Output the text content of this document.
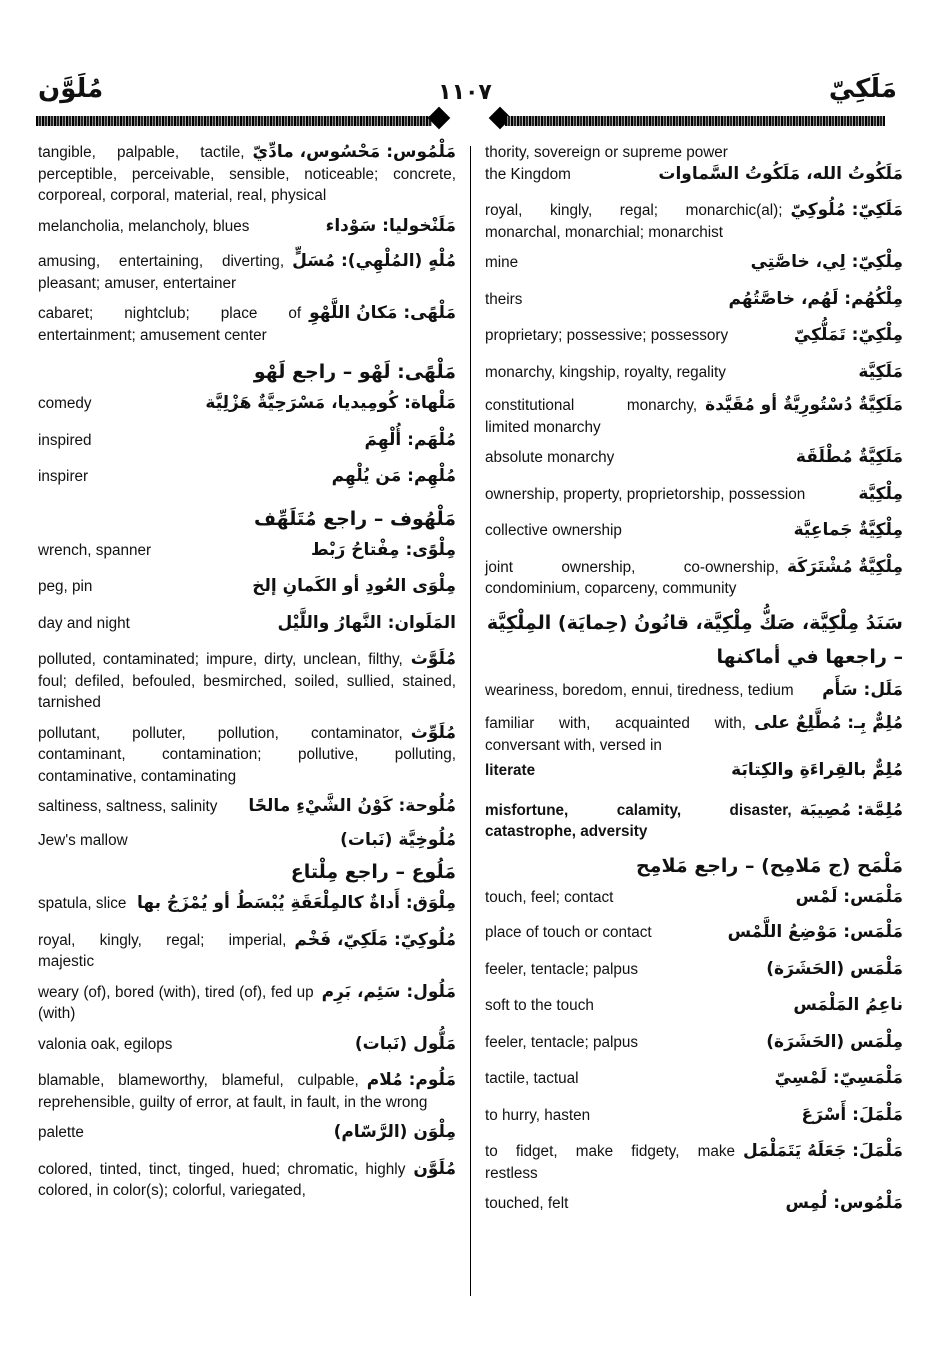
مُلَوَّن	١١٠٧	مَلَكِيّ
مَلْمُوس: مَحْسُوس، مادِّيّ
tangible, palpable, tactile, perceptible, perceivable, sensible, noticeable; concrete, corporeal, corporal, material, real, physical
مَلَنْخوليا: سَوْداء
melancholia, melancholy, blues
مُلْهٍ (المُلْهِي): مُسَلٍّ
amusing, entertaining, diverting, pleasant; amuser, entertainer
مَلْهًى: مَكانُ اللَّهْوِ
cabaret; nightclub; place of entertainment; amusement center
مَلْهًى: لَهْو – راجع لَهْو
مَلْهاة: كُومِيديا، مَسْرَحِيَّةٌ هَزْلِيَّة
comedy
مُلْهَم: أُلْهِمَ
inspired
مُلْهِم: مَن يُلْهِم
inspirer
مَلْهُوف – راجع مُتَلَهِّف
مِلْوًى: مِفْتاحُ رَبْط
wrench, spanner
مِلْوَى العُودِ أو الكَمانِ إلخ
peg, pin
المَلَوان: النَّهارُ واللَّيْل
day and night
مُلَوَّث
polluted, contaminated; impure, dirty, unclean, filthy, foul; defiled, befouled, besmirched, soiled, sullied, stained, tarnished
مُلَوِّث
pollutant, polluter, pollution, contaminator, contaminant, contamination; pollutive, polluting, contaminative, contaminating
مُلُوحة: كَوْنُ الشَّيْءِ مالحًا
saltiness, saltness, salinity
مُلُوخِيَّة (نَبات)
Jew's mallow
مَلُوع – راجع مِلْتاع
مِلْوَق: أَداةٌ كالمِلْعَقَةِ يُبْسَطُ أو يُمْزَجُ بها
spatula, slice
مُلُوكِيّ: مَلَكِيّ، فَخْم
royal, kingly, regal; imperial, majestic
مَلُول: سَئِم، بَرِم
weary (of), bored (with), tired (of), fed up (with)
مَلُّول (نَبات)
valonia oak, egilops
مَلُوم: مُلام
blamable, blameworthy, blameful, culpable, reprehensible, guilty of error, at fault, in fault, in the wrong
مِلْوَن (الرَّسّام)
palette
مُلَوَّن
colored, tinted, tinct, tinged, hued; chromatic, highly colored, in color(s); colorful, variegated,
thority, sovereign or supreme power
مَلَكُوتُ الله، مَلَكُوتُ السَّماوات
the Kingdom
مَلَكِيّ: مُلُوكِيّ
royal, kingly, regal; monarchic(al); monarchal, monarchial; monarchist
مِلْكِيّ: لِي، خاصَّتِي
mine
مِلْكُهُم: لَهُم، خاصَّتُهُم
theirs
مِلْكِيّ: تَمَلُّكِيّ
proprietary; possessive; possessory
مَلَكِيَّة
monarchy, kingship, royalty, regality
مَلَكِيَّةٌ دُسْتُورِيَّةٌ أو مُقَيَّدة
constitutional monarchy, limited monarchy
مَلَكِيَّةٌ مُطْلَقَة
absolute monarchy
مِلْكِيَّة
ownership, property, proprietorship, possession
مِلْكِيَّةٌ جَماعِيَّة
collective ownership
مِلْكِيَّةٌ مُشْتَرَكَة
joint ownership, co-ownership, condominium, coparceny, community
سَنَدُ مِلْكِيَّة، صَكُّ مِلْكِيَّة، قانُونُ (حِمايَة) المِلْكِيَّة – راجعها في أماكنها
مَلَل: سَأَم
weariness, boredom, ennui, tiredness, tedium
مُلِمٌّ بِـ: مُطَّلِعٌ على
familiar with, acquainted with, conversant with, versed in
مُلِمٌّ بالقِراءَةِ والكِتابَة
literate
مُلِمَّة: مُصِيبَة
misfortune, calamity, disaster, catastrophe, adversity
مَلْمَح (ج مَلامِح) – راجع مَلامِح
مَلْمَس: لَمْس
touch, feel; contact
مَلْمَس: مَوْضِعُ اللَّمْس
place of touch or contact
مَلْمَس (الحَشَرَة)
feeler, tentacle; palpus
ناعِمُ المَلْمَس
soft to the touch
مِلْمَس (الحَشَرَة)
feeler, tentacle; palpus
مَلْمَسِيّ: لَمْسِيّ
tactile, tactual
مَلْمَلَ: أَسْرَعَ
to hurry, hasten
مَلْمَلَ: جَعَلَهُ يَتَمَلْمَل
to fidget, make fidgety, make restless
مَلْمُوس: لُمِس
touched, felt
